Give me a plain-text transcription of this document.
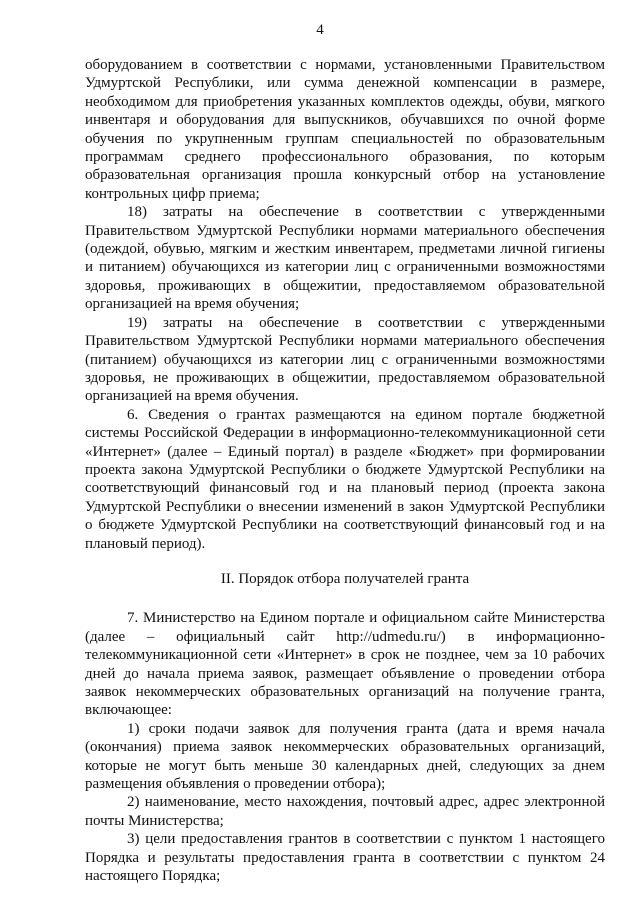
4

оборудованием в соответствии с нормами, установленными Правительством Удмуртской Республики, или сумма денежной компенсации в размере, необходимом для приобретения указанных комплектов одежды, обуви, мягкого инвентаря и оборудования для выпускников, обучавшихся по очной форме обучения по укрупненным группам специальностей по образовательным программам среднего профессионального образования, по которым образовательная организация прошла конкурсный отбор на установление контрольных цифр приема;

18) затраты на обеспечение в соответствии с утвержденными Правительством Удмуртской Республики нормами материального обеспечения (одеждой, обувью, мягким и жестким инвентарем, предметами личной гигиены и питанием) обучающихся из категории лиц с ограниченными возможностями здоровья, проживающих в общежитии, предоставляемом образовательной организацией на время обучения;

19) затраты на обеспечение в соответствии с утвержденными Правительством Удмуртской Республики нормами материального обеспечения (питанием) обучающихся из категории лиц с ограниченными возможностями здоровья, не проживающих в общежитии, предоставляемом образовательной организацией на время обучения.

6. Сведения о грантах размещаются на едином портале бюджетной системы Российской Федерации в информационно-телекоммуникационной сети «Интернет» (далее – Единый портал) в разделе «Бюджет» при формировании проекта закона Удмуртской Республики о бюджете Удмуртской Республики на соответствующий финансовый год и на плановый период (проекта закона Удмуртской Республики о внесении изменений в закон Удмуртской Республики о бюджете Удмуртской Республики на соответствующий финансовый год и на плановый период).

II. Порядок отбора получателей гранта

7. Министерство на Едином портале и официальном сайте Министерства (далее – официальный сайт http://udmedu.ru/) в информационно-телекоммуникационной сети «Интернет» в срок не позднее, чем за 10 рабочих дней до начала приема заявок, размещает объявление о проведении отбора заявок некоммерческих образовательных организаций на получение гранта, включающее:

1) сроки подачи заявок для получения гранта (дата и время начала (окончания) приема заявок некоммерческих образовательных организаций, которые не могут быть меньше 30 календарных дней, следующих за днем размещения объявления о проведении отбора);

2) наименование, место нахождения, почтовый адрес, адрес электронной почты Министерства;

3) цели предоставления грантов в соответствии с пунктом 1 настоящего Порядка и результаты предоставления гранта в соответствии с пунктом 24 настоящего Порядка;
